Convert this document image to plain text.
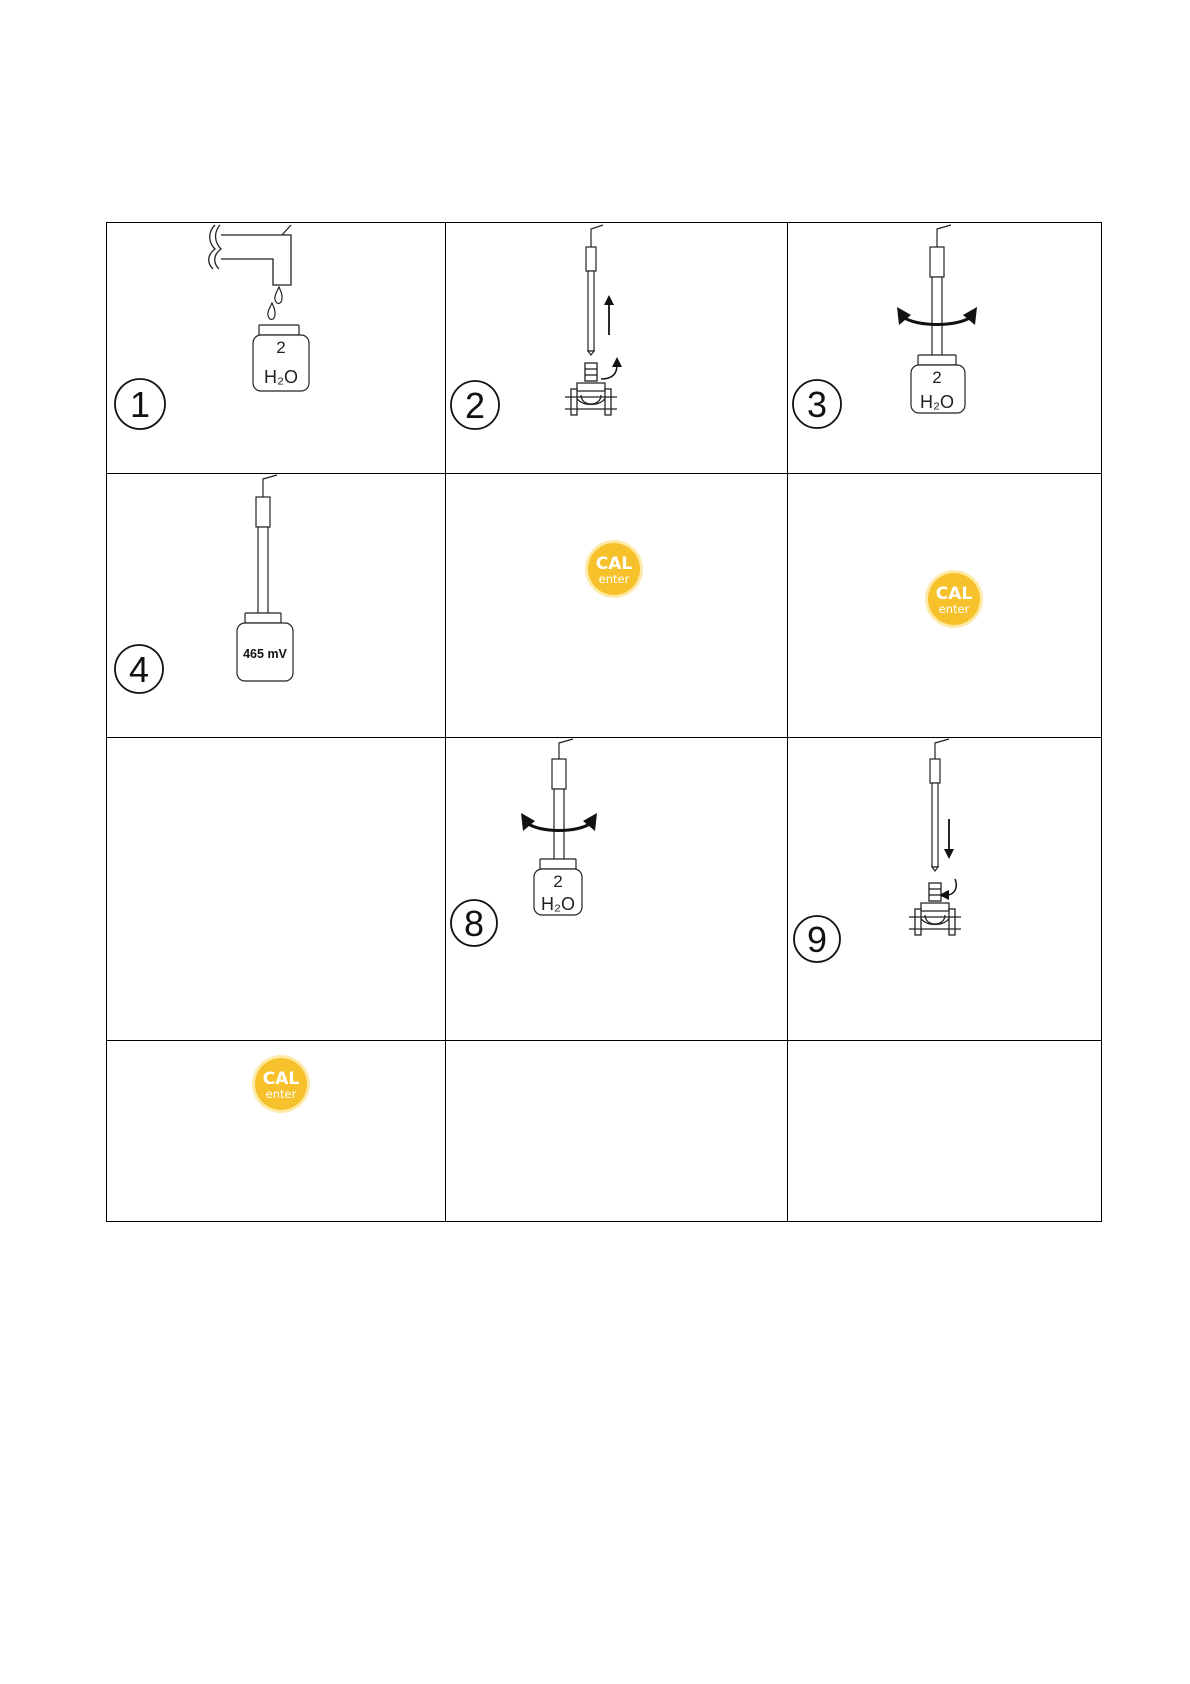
2
H₂O
1	2
2
H₂O
3
465 mV
4
CAL
enter
CAL
enter
2
H₂O
8	9
CAL
enter
